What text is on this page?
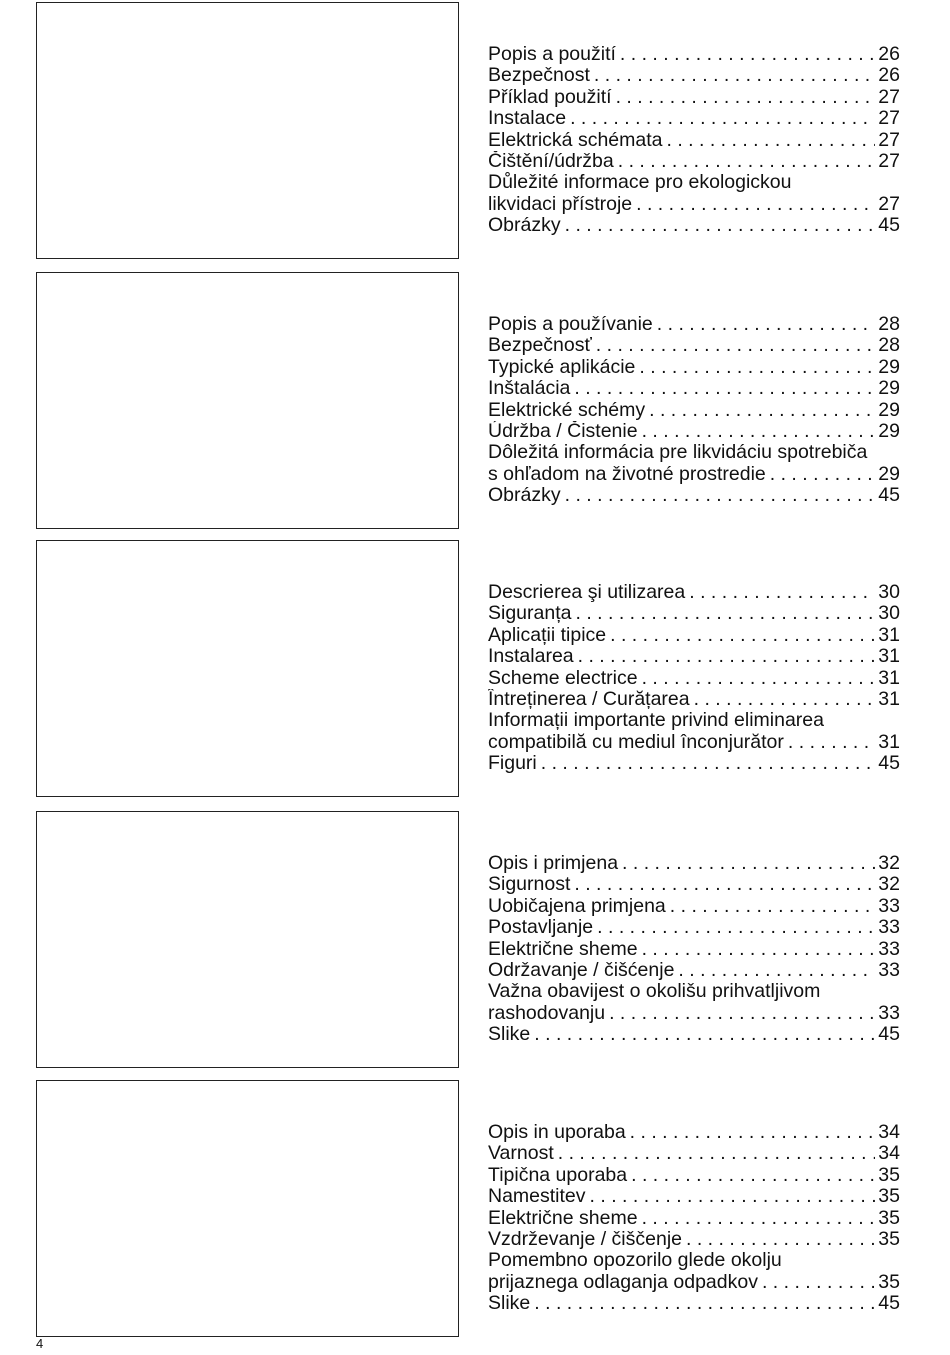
Popis a použití . . .	26
Bezpečnost . . .	26
Příklad použití . . .	27
Instalace . . .	27
Elektrická schémata . . .	27
Čištění/údržba . . .	27
Důležité informace pro ekologickou
likvidaci přístroje . . .	27
Obrázky . . .	45
Popis a používanie . . .	28
Bezpečnosť . . .	28
Typické aplikácie . . .	29
Inštalácia . . .	29
Elektrické schémy . . .	29
Údržba / Čistenie . . .	29
Dôležitá informácia pre likvidáciu spotrebiča
s ohľadom na životné prostredie . . .	29
Obrázky . . .	45
Descrierea şi utilizarea . . .	30
Siguranța . . .	30
Aplicații tipice . . .	31
Instalarea . . .	31
Scheme electrice . . .	31
Întreținerea / Curățarea . . .	31
Informații importante privind eliminarea
compatibilă cu mediul înconjurător . . .	31
Figuri . . .	45
Opis i primjena . . .	32
Sigurnost . . .	32
Uobičajena primjena . . .	33
Postavljanje . . .	33
Električne sheme . . .	33
Održavanje / čišćenje . . .	33
Važna obavijest o okolišu prihvatljivom
rashodovanju . . .	33
Slike . . .	45
Opis in uporaba . . .	34
Varnost . . .	34
Tipična uporaba . . .	35
Namestitev . . .	35
Električne sheme . . .	35
Vzdrževanje / čiščenje . . .	35
Pomembno opozorilo glede okolju
prijaznega odlaganja odpadkov . . .	35
Slike . . .	45
4
